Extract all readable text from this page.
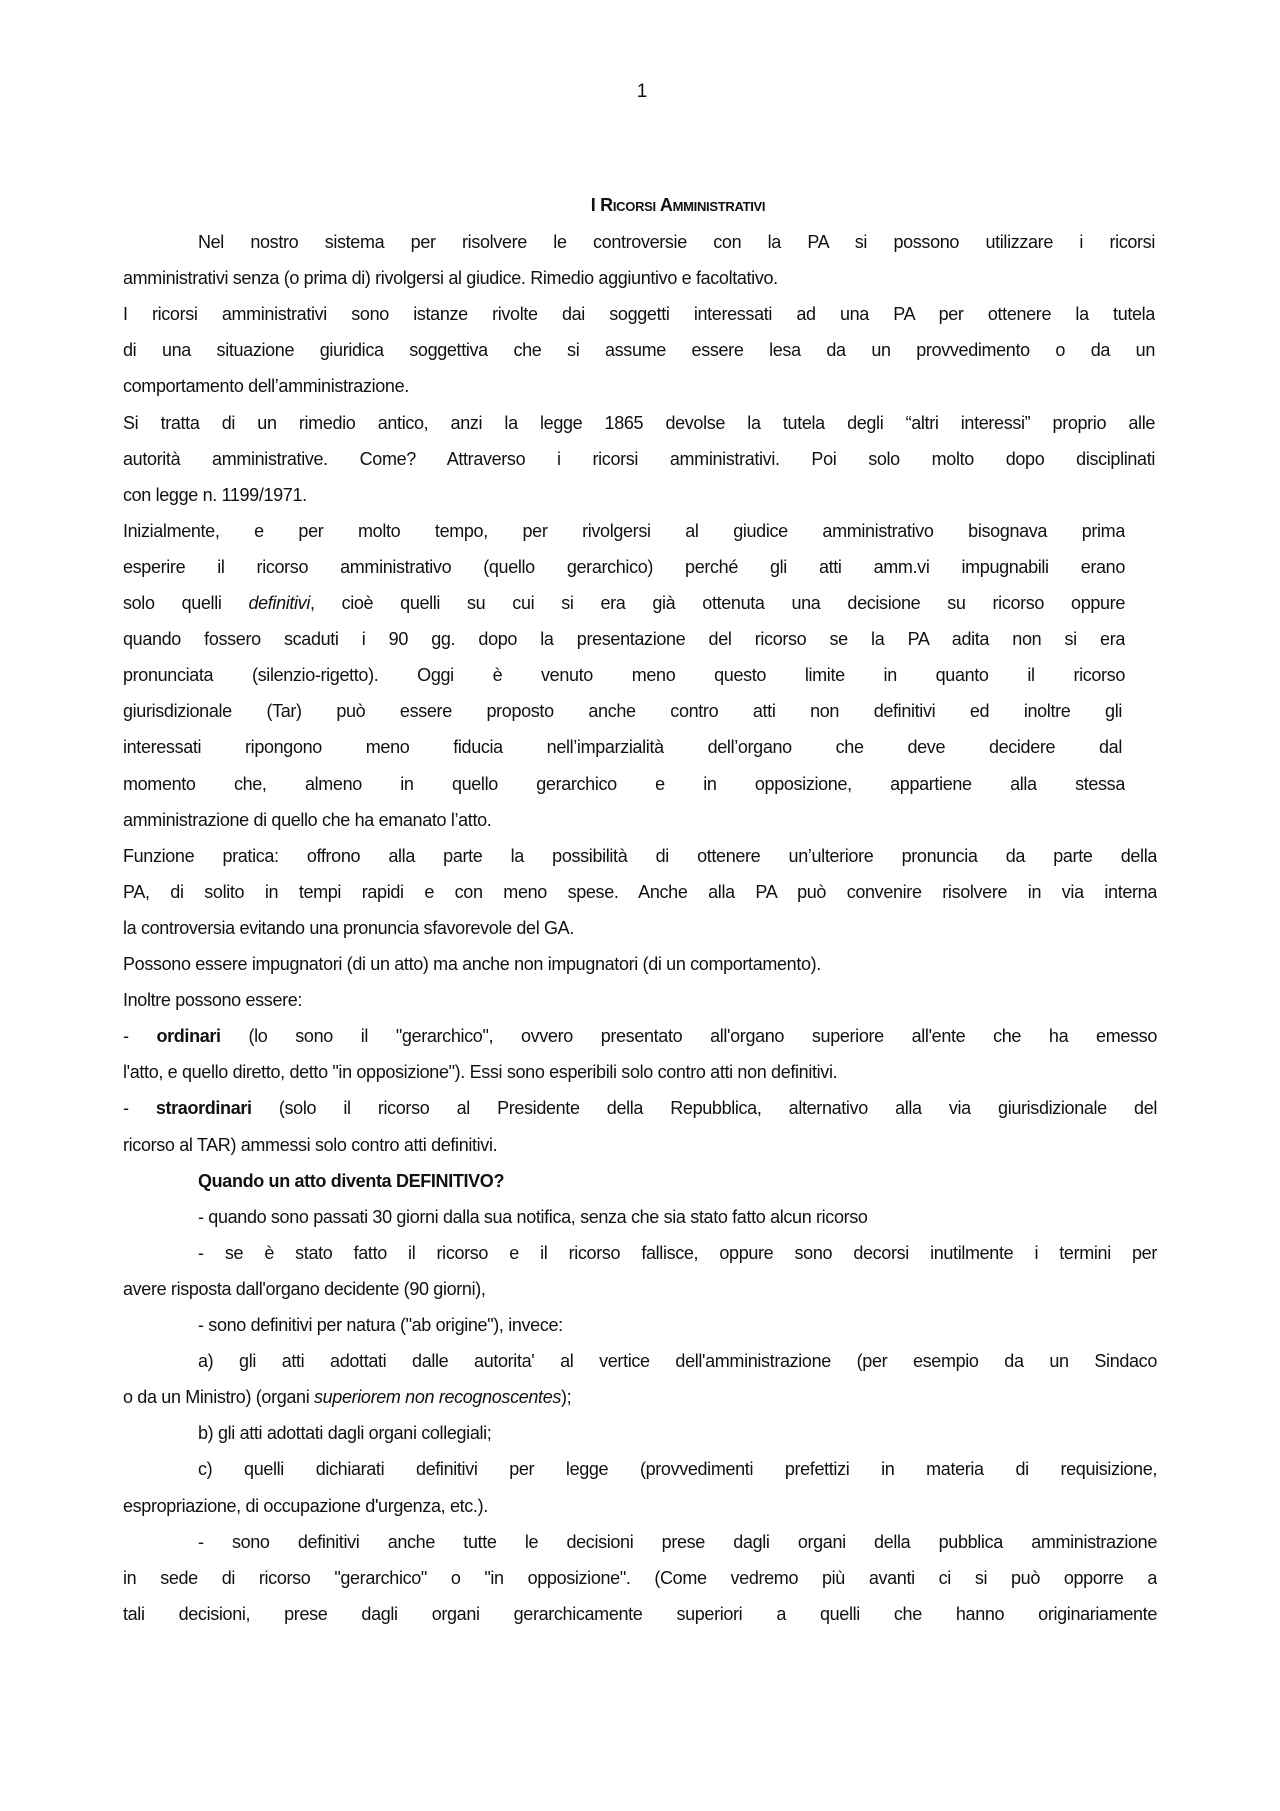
1
I Ricorsi Amministrativi
Nel nostro sistema per risolvere le controversie con la PA si possono utilizzare i ricorsi
amministrativi senza (o prima di) rivolgersi al giudice. Rimedio aggiuntivo e facoltativo.
I ricorsi amministrativi sono istanze rivolte dai soggetti interessati ad una PA per ottenere la tutela
di una situazione giuridica soggettiva che si assume essere lesa da un provvedimento o da un
comportamento dell’amministrazione.
Si tratta di un rimedio antico, anzi la legge 1865 devolse la tutela degli “altri interessi” proprio alle
autorità amministrative. Come? Attraverso i ricorsi amministrativi. Poi solo molto dopo disciplinati
con legge n. 1199/1971.
Inizialmente, e per molto tempo, per rivolgersi al giudice amministrativo bisognava prima
esperire il ricorso amministrativo (quello gerarchico) perché gli atti amm.vi impugnabili erano
solo quelli definitivi, cioè quelli su cui si era già ottenuta una decisione su ricorso oppure
quando fossero scaduti i 90 gg. dopo la presentazione del ricorso se la PA adita non si era
pronunciata (silenzio-rigetto). Oggi è venuto meno questo limite in quanto il ricorso
giurisdizionale (Tar) può essere proposto anche contro atti non definitivi ed inoltre gli
interessati ripongono meno fiducia nell’imparzialità dell’organo che deve decidere dal
momento che, almeno in quello gerarchico e in opposizione, appartiene alla stessa
amministrazione di quello che ha emanato l’atto.
Funzione pratica: offrono alla parte la possibilità di ottenere un’ulteriore pronuncia da parte della
PA, di solito in tempi rapidi e con meno spese. Anche alla PA può convenire risolvere in via interna
la controversia evitando una pronuncia sfavorevole del GA.
Possono essere impugnatori (di un atto) ma anche non impugnatori (di un comportamento).
Inoltre possono essere:
- ordinari (lo sono il "gerarchico", ovvero presentato all'organo superiore all'ente che ha emesso
l'atto, e quello diretto, detto "in opposizione"). Essi sono esperibili solo contro atti non definitivi.
- straordinari (solo il ricorso al Presidente della Repubblica, alternativo alla via giurisdizionale del
ricorso al TAR) ammessi solo contro atti definitivi.
Quando un atto diventa DEFINITIVO?
- quando sono passati 30 giorni dalla sua notifica, senza che sia stato fatto alcun ricorso
- se è stato fatto il ricorso e il ricorso fallisce, oppure sono decorsi inutilmente i termini per
avere risposta dall'organo decidente (90 giorni),
- sono definitivi per natura ("ab origine"), invece:
a) gli atti adottati dalle autorita' al vertice dell'amministrazione (per esempio da un Sindaco
o da un Ministro) (organi superiorem non recognoscentes);
b) gli atti adottati dagli organi collegiali;
c) quelli dichiarati definitivi per legge (provvedimenti prefettizi in materia di requisizione,
espropriazione, di occupazione d'urgenza, etc.).
- sono definitivi anche tutte le decisioni prese dagli organi della pubblica amministrazione
in sede di ricorso "gerarchico" o "in opposizione". (Come vedremo più avanti ci si può opporre a
tali decisioni, prese dagli organi gerarchicamente superiori a quelli che hanno originariamente
